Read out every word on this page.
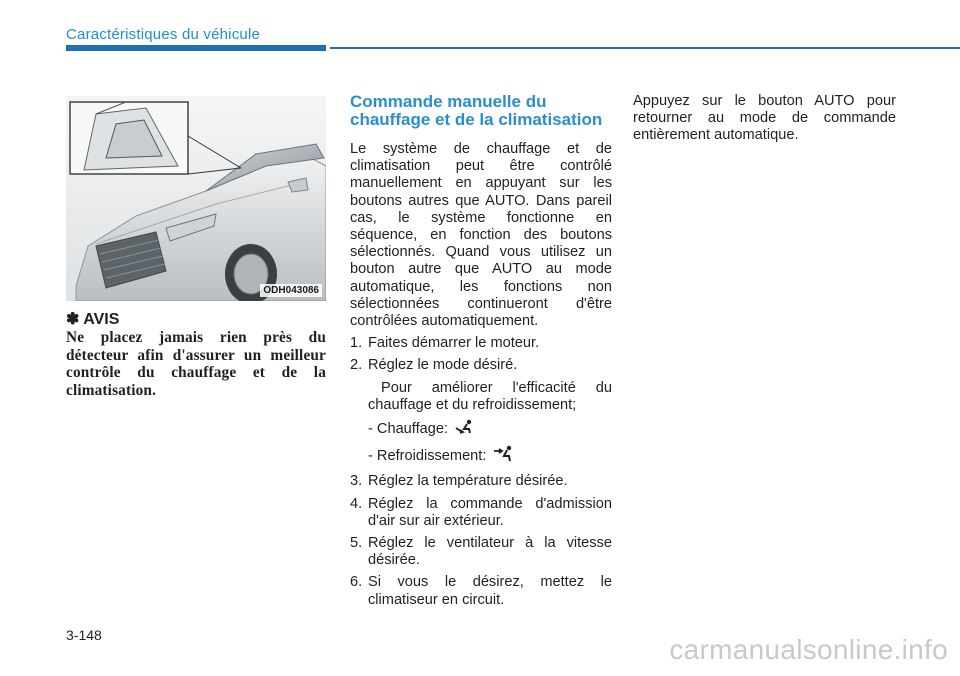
Caractéristiques du véhicule
ODH043086
✽ AVIS
Ne placez jamais rien près du détecteur afin d'assurer un meilleur contrôle du chauffage et de la climatisation.
Commande manuelle du chauffage et de la climatisation

Le système de chauffage et de climatisation peut être contrôlé manuellement en appuyant sur les boutons autres que AUTO. Dans pareil cas, le système fonctionne en séquence, en fonction des boutons sélectionnés. Quand vous utilisez un bouton autre que AUTO au mode automatique, les fonctions non sélectionnées continueront d'être contrôlées automatiquement.

1. Faites démarrer le moteur.
2. Réglez le mode désiré.
Pour améliorer l'efficacité du chauffage et du refroidissement;
- Chauffage:
- Refroidissement:
3. Réglez la température désirée.
4. Réglez la commande d'admission d'air sur air extérieur.
5. Réglez le ventilateur à la vitesse désirée.
6. Si vous le désirez, mettez le climatiseur en circuit.
Appuyez sur le bouton AUTO pour retourner au mode de commande entièrement automatique.
3-148	carmanualsonline.info
